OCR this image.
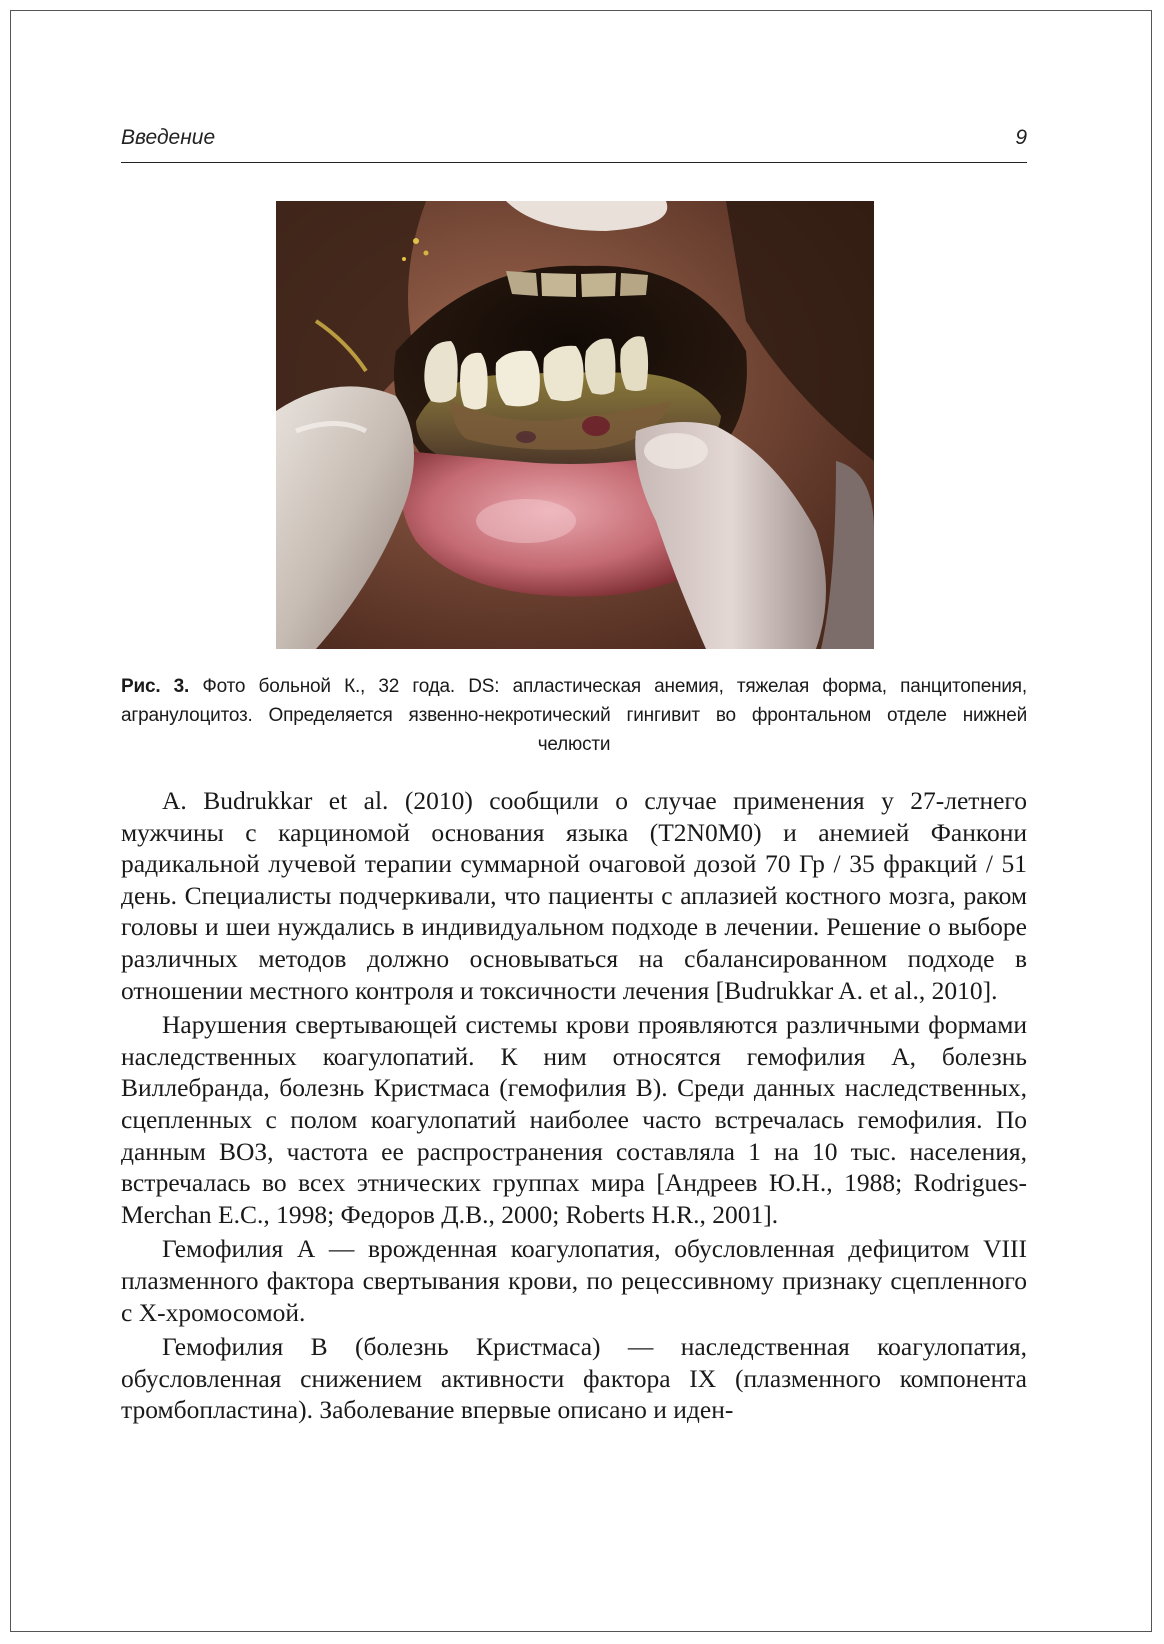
Введение	9
Рис. 3. Фото больной К., 32 года. DS: апластическая анемия, тяжелая форма, панцитопения, агранулоцитоз. Определяется язвенно-некротический гингивит во фронтальном отделе нижней челюсти

A. Budrukkar et al. (2010) сообщили о случае применения у 27-летнего мужчины с карциномой основания языка (T2N0M0) и анемией Фанкони радикальной лучевой терапии суммарной очаговой дозой 70 Гр / 35 фракций / 51 день. Специалисты подчеркивали, что пациенты с аплазией костного мозга, раком головы и шеи нуждались в индивидуальном подходе в лечении. Решение о выборе различных методов должно основываться на сбалансированном подходе в отношении местного контроля и токсичности лечения [Budrukkar A. et al., 2010].

Нарушения свертывающей системы крови проявляются различными формами наследственных коагулопатий. К ним относятся гемофилия А, болезнь Виллебранда, болезнь Кристмаса (гемофилия В). Среди данных наследственных, сцепленных с полом коагулопатий наиболее часто встречалась гемофилия. По данным ВОЗ, частота ее распространения составляла 1 на 10 тыс. населения, встречалась во всех этнических группах мира [Андреев Ю.Н., 1988; Rodrigues-Merchan E.C., 1998; Федоров Д.В., 2000; Roberts H.R., 2001].

Гемофилия А — врожденная коагулопатия, обусловленная дефицитом VIII плазменного фактора свертывания крови, по рецессивному признаку сцепленного с Х-хромосомой.

Гемофилия В (болезнь Кристмаса) — наследственная коагулопатия, обусловленная снижением активности фактора IX (плазменного компонента тромбопластина). Заболевание впервые описано и иден-
